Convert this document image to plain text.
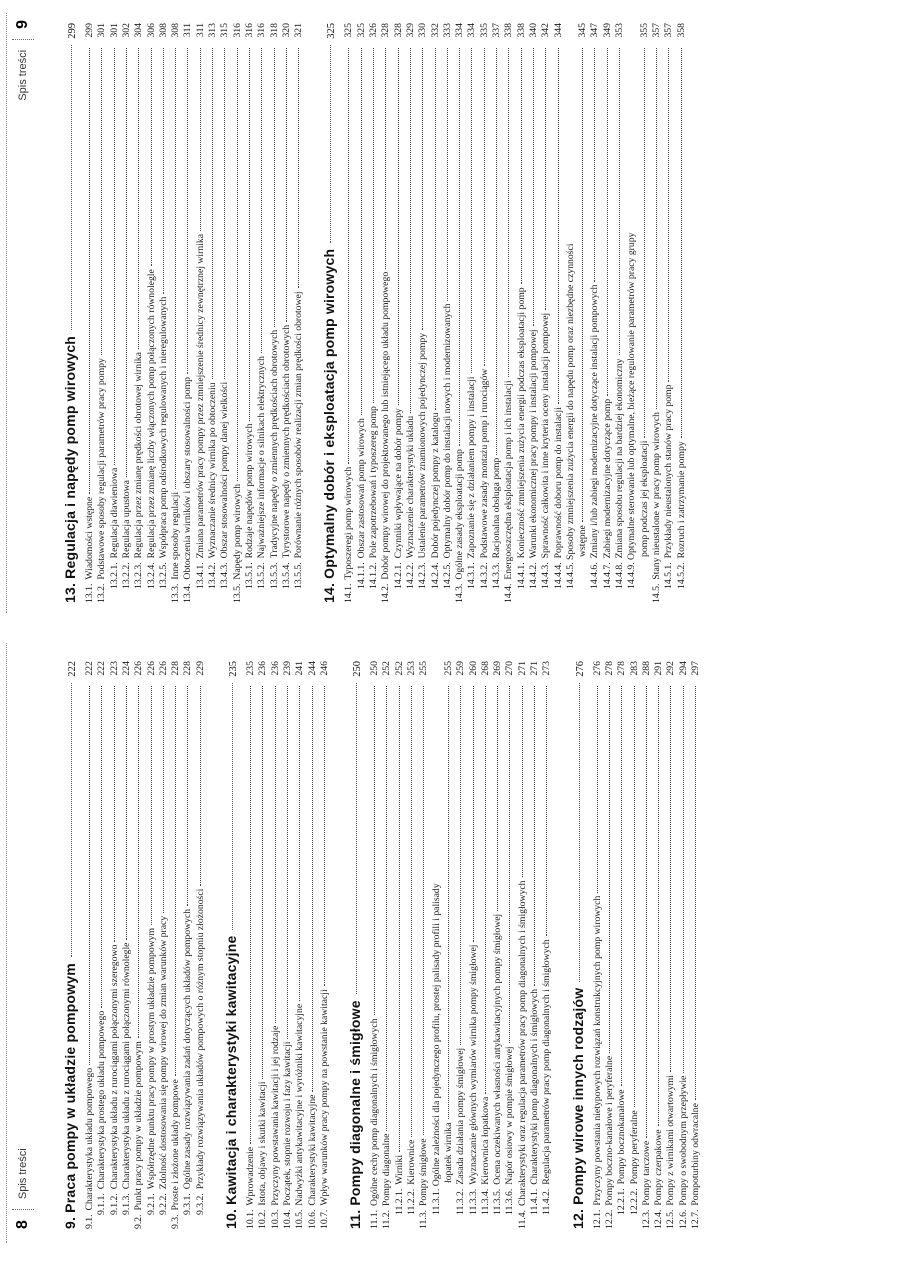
8
Spis treści
9. Praca pompy w układzie pompowym
222
9.1.
Charakterystyka układu pompowego
222
9.1.1.
Charakterystyka prostego układu pompowego
222
9.1.2.
Charakterystyka układu z rurociągami połączonymi szeregowo
223
9.1.3.
Charakterystyka układu z rurociągami połączonymi równolegle
224
9.2.
Punkt pracy pompy w układzie pompowym
226
9.2.1.
Współrzędne punktu pracy pompy w prostym układzie pompowym
226
9.2.2.
Zdolność dostosowania się pompy wirowej do zmian warunków pracy
226
9.3.
Proste i złożone układy pompowe
228
9.3.1.
Ogólne zasady rozwiązywania zadań dotyczących układów pompowych
228
9.3.2.
Przykłady rozwiązywania układów pompowych o różnym stopniu złożoności
229
10. Kawitacja i charakterystyki kawitacyjne
235
10.1.
Wprowadzenie
235
10.2.
Istota, objawy i skutki kawitacji
236
10.3.
Przyczyny powstawania kawitacji i jej rodzaje
236
10.4.
Początek, stopnie rozwoju i fazy kawitacji
239
10.5.
Nadwyżki antykawitacyjne i wyróżniki kawitacyjne
241
10.6.
Charakterystyki kawitacyjne
244
10.7.
Wpływ warunków pracy pompy na powstanie kawitacji
246
11. Pompy diagonalne i śmigłowe
250
11.1.
Ogólne cechy pomp diagonalnych i śmigłowych
250
11.2.
Pompy diagonalne
252
11.2.1.
Wirniki
252
11.2.2.
Kierownice
253
11.3.
Pompy śmigłowe
255
11.3.1. Ogólne zależności dla pojedynczego profilu, prostej palisady profili i palisady łopatek wirnika
255
11.3.2.
Zasada działania pompy śmigłowej
259
11.3.3.
Wyznaczanie głównych wymiarów wirnika pompy śmigłowej
260
11.3.4.
Kierownica łopatkowa
268
11.3.5.
Ocena oczekiwanych własności antykawitacyjnych pompy śmigłowej
269
11.3.6.
Napór osiowy w pompie śmigłowej
270
11.4.
Charakterystyki oraz regulacja parametrów pracy pomp diagonalnych i śmigłowych
271
11.4.1.
Charakterystyki pomp diagonalnych i śmigłowych
271
11.4.2.
Regulacja parametrów pracy pomp diagonalnych i śmigłowych
273
12. Pompy wirowe innych rodzajów
276
12.1.
Przyczyny powstania nietypowych rozwiązań konstrukcyjnych pomp wirowych
276
12.2.
Pompy boczno-kanałowe i peryferalne
278
12.2.1.
Pompy bocznokanałowe
278
12.2.2.
Pompy peryferalne
283
12.3.
Pompy tarczowe
288
12.4.
Pompy czerpakowe
291
12.5.
Pompy z wirnikami otwartowymi
292
12.6.
Pompy o swobodnym przepływie
294
12.7.
Pompoturbiny odwracalne
297
Spis treści
9
13. Regulacja i napędy pomp wirowych
299
13.1.
Wiadomości wstępne
299
13.2.
Podstawowe sposoby regulacji parametrów pracy pompy
301
13.2.1.
Regulacja dławieniowa
301
13.2.2.
Regulacja upustowa
302
13.2.3.
Regulacja przez zmianę prędkości obrotowej wirnika
304
13.2.4.
Regulacja przez zmianę liczby włączonych pomp połączonych równolegle
306
13.2.5.
Współpraca pomp odśrodkowych regulowanych i nieregulowanych
308
13.3.
Inne sposoby regulacji
308
13.4.
Obtoczenia wirników i obszary stosowalności pomp
311
13.4.1.
Zmiana parametrów pracy pompy przez zmniejszenie średnicy zewnętrznej wirnika
311
13.4.2.
Wyznaczanie średnicy wirnika po obtoczeniu
313
13.4.3.
Obszar stosowalności pompy danej wielkości
315
13.5.
Napędy pomp wirowych
316
13.5.1.
Rodzaje napędów pomp wirowych
316
13.5.2.
Najważniejsze informacje o silnikach elektrycznych
316
13.5.3.
Tradycyjne napędy o zmiennych prędkościach obrotowych
318
13.5.4.
Tyrystorowe napędy o zmiennych prędkościach obrotowych
320
13.5.5.
Porównanie różnych sposobów realizacji zmian prędkości obrotowej
321
14. Optymalny dobór i eksploatacja pomp wirowych
325
14.1.
Typoszeregi pomp wirowych
325
14.1.1.
Obszar zastosowań pomp wirowych
325
14.1.2.
Pole zapotrzebowań i typoszereg pomp
326
14.2.
Dobór pompy wirowej do projektowanego lub istniejącego układu pompowego
328
14.2.1.
Czynniki wpływające na dobór pompy
328
14.2.2.
Wyznaczenie charakterystyki układu
329
14.2.3.
Ustalenie parametrów znamionowych pojedynczej pompy
330
14.2.4.
Dobór pojedynczej pompy z katalogu
332
14.2.5.
Optymalny dobór pomp do instalacji nowych i modernizowanych
333
14.3.
Ogólne zasady eksploatacji pomp
334
14.3.1.
Zapoznanie się z działaniem pompy i instalacji
334
14.3.2.
Podstawowe zasady montażu pomp i rurociągów
335
14.3.3.
Racjonalna obsługa pomp
337
14.4.
Energooszczędna eksploatacja pomp i ich instalacji
338
14.4.1.
Konieczność zmniejszenia zużycia energii podczas eksploatacji pomp
338
14.4.2.
Warunki ekonomicznej pracy pompy i instalacji pompowej
340
14.4.3.
Sprawność całkowita i inne kryteria oceny instalacji pompowej
342
14.4.4.
Poprawność doboru pomp do instalacji
344
14.4.5. Sposoby zmniejszenia zużycia energii do napędu pomp oraz niezbędne czynności wstępne
345
14.4.6.
Zmiany i/lub zabiegi modernizacyjne dotyczące instalacji pompowych
347
14.4.7.
Zabiegi modernizacyjne dotyczące pomp
349
14.4.8.
Zmiana sposobu regulacji na bardziej ekonomiczny
353
14.4.9. Optymalne sterowanie lub optymalne, bieżące regulowanie parametrów pracy grupy pomp podczas jej eksploatacji
355
14.5.
Stany nieustalone w pracy pomp wirowych
357
14.5.1.
Przykłady nieustalonych stanów pracy pomp
357
14.5.2.
Rozruch i zatrzymanie pompy
358
